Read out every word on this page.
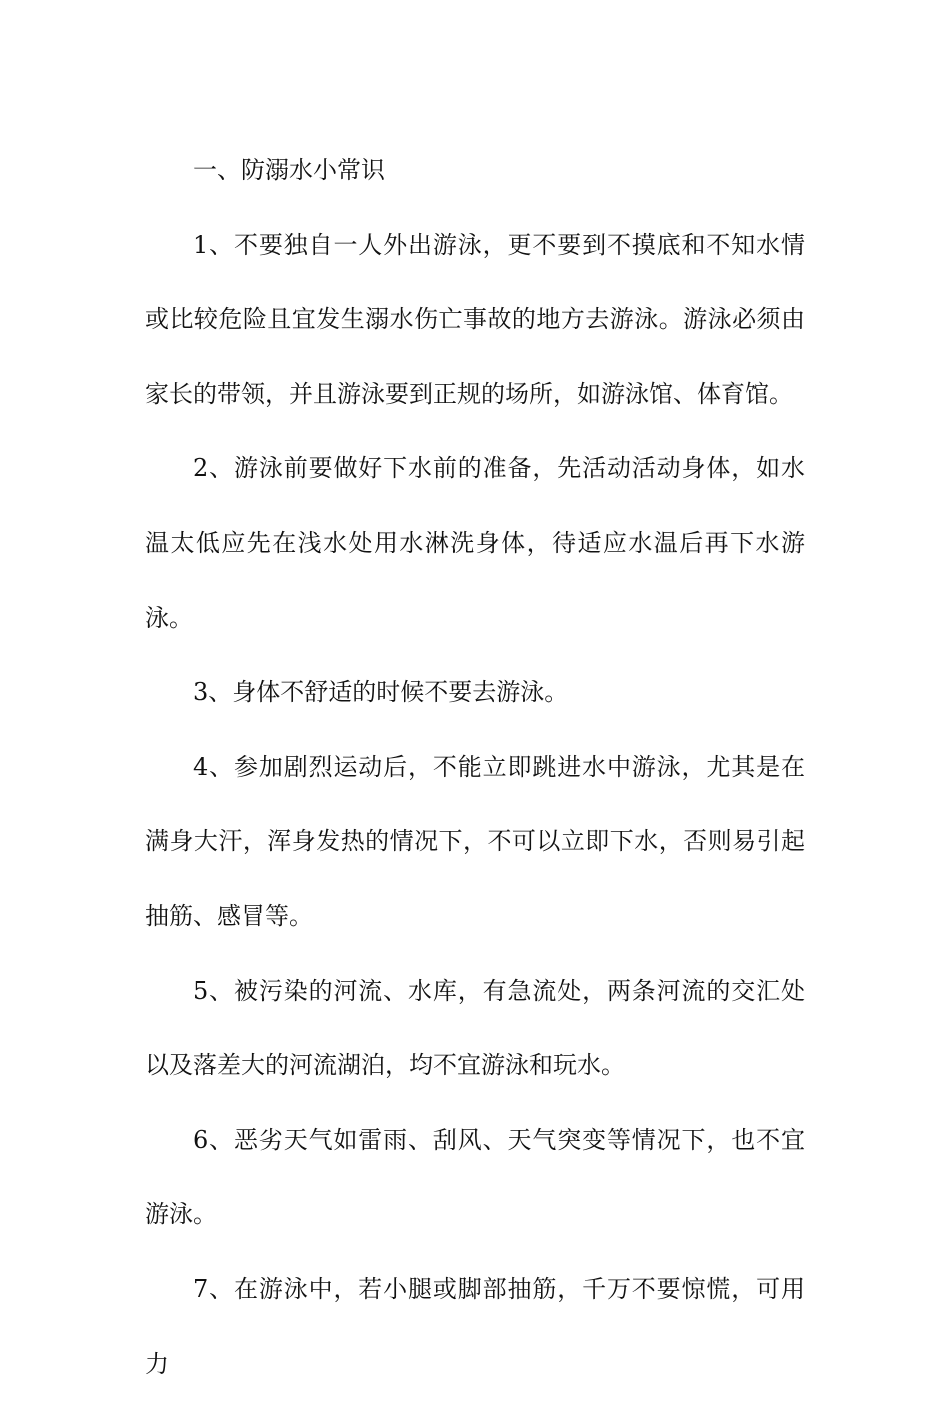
一、防溺水小常识

1、不要独自一人外出游泳，更不要到不摸底和不知水情或比较危险且宜发生溺水伤亡事故的地方去游泳。游泳必须由家长的带领，并且游泳要到正规的场所，如游泳馆、体育馆。

2、游泳前要做好下水前的准备，先活动活动身体，如水温太低应先在浅水处用水淋洗身体，待适应水温后再下水游泳。

3、身体不舒适的时候不要去游泳。

4、参加剧烈运动后，不能立即跳进水中游泳，尤其是在满身大汗，浑身发热的情况下，不可以立即下水，否则易引起抽筋、感冒等。

5、被污染的河流、水库，有急流处，两条河流的交汇处以及落差大的河流湖泊，均不宜游泳和玩水。

6、恶劣天气如雷雨、刮风、天气突变等情况下，也不宜游泳。

7、在游泳中，若小腿或脚部抽筋，千万不要惊慌，可用力
